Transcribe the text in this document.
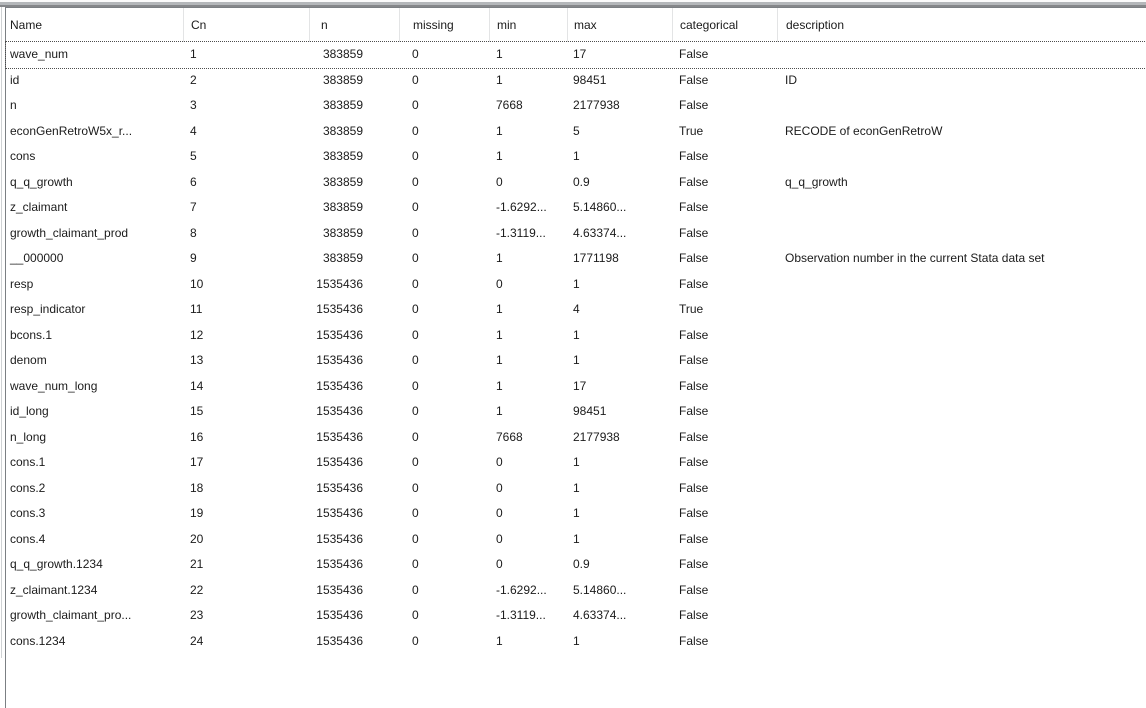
Name	Cn	n	missing	min	max	categorical	description
wave_num	1	383859	0	1	17	False
id	2	383859	0	1	98451	False	ID
n	3	383859	0	7668	2177938	False
econGenRetroW5x_r...	4	383859	0	1	5	True	RECODE of econGenRetroW
cons	5	383859	0	1	1	False
q_q_growth	6	383859	0	0	0.9	False	q_q_growth
z_claimant	7	383859	0	-1.6292...	5.14860...	False
growth_claimant_prod	8	383859	0	-1.3119...	4.63374...	False
__000000	9	383859	0	1	1771198	False	Observation number in the current Stata data set
resp	10	1535436	0	0	1	False
resp_indicator	11	1535436	0	1	4	True
bcons.1	12	1535436	0	1	1	False
denom	13	1535436	0	1	1	False
wave_num_long	14	1535436	0	1	17	False
id_long	15	1535436	0	1	98451	False
n_long	16	1535436	0	7668	2177938	False
cons.1	17	1535436	0	0	1	False
cons.2	18	1535436	0	0	1	False
cons.3	19	1535436	0	0	1	False
cons.4	20	1535436	0	0	1	False
q_q_growth.1234	21	1535436	0	0	0.9	False
z_claimant.1234	22	1535436	0	-1.6292...	5.14860...	False
growth_claimant_pro...	23	1535436	0	-1.3119...	4.63374...	False
cons.1234	24	1535436	0	1	1	False
